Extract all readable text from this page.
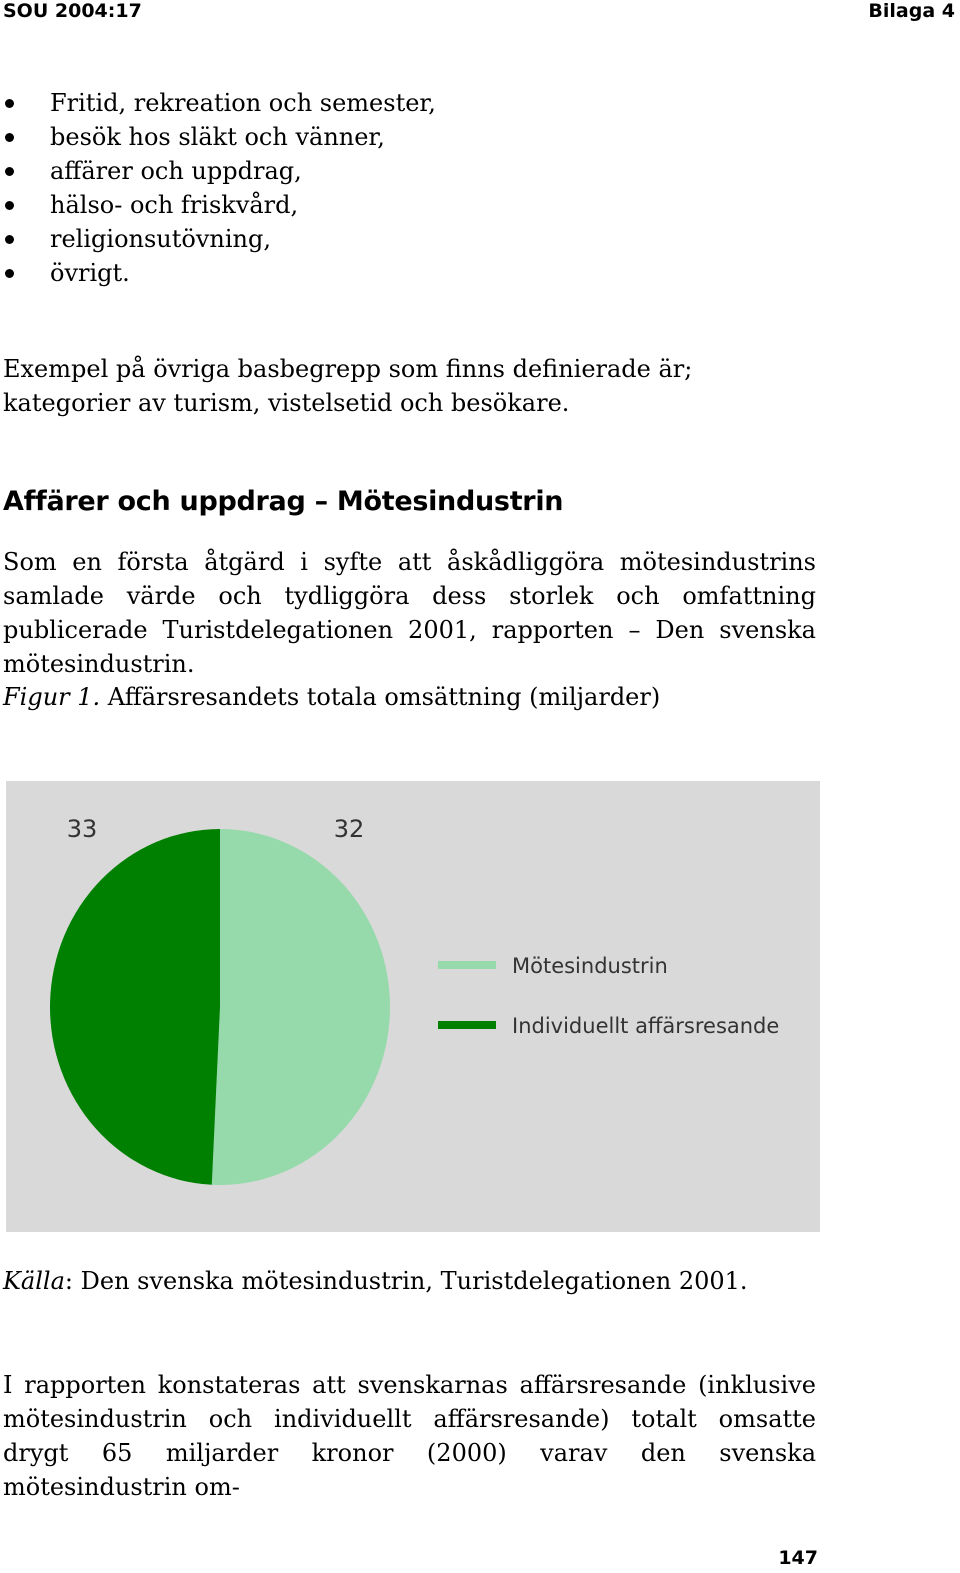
SOU 2004:17	Bilaga 4
Fritid, rekreation och semester,
besök hos släkt och vänner,
affärer och uppdrag,
hälso- och friskvård,
religionsutövning,
övrigt.

Exempel på övriga basbegrepp som finns definierade är; kategorier av turism, vistelsetid och besökare.

Affärer och uppdrag – Mötesindustrin

Som en första åtgärd i syfte att åskådliggöra mötesindustrins samlade värde och tydliggöra dess storlek och omfattning publicerade Turistdelegationen 2001, rapporten – Den svenska mötesindustrin.

Figur 1. Affärsresandets totala omsättning (miljarder)

33	32
Mötesindustrin
Individuellt affärsresande

Källa: Den svenska mötesindustrin, Turistdelegationen 2001.

I rapporten konstateras att svenskarnas affärsresande (inklusive mötesindustrin och individuellt affärsresande) totalt omsatte drygt 65 miljarder kronor (2000) varav den svenska mötesindustrin om-

147
